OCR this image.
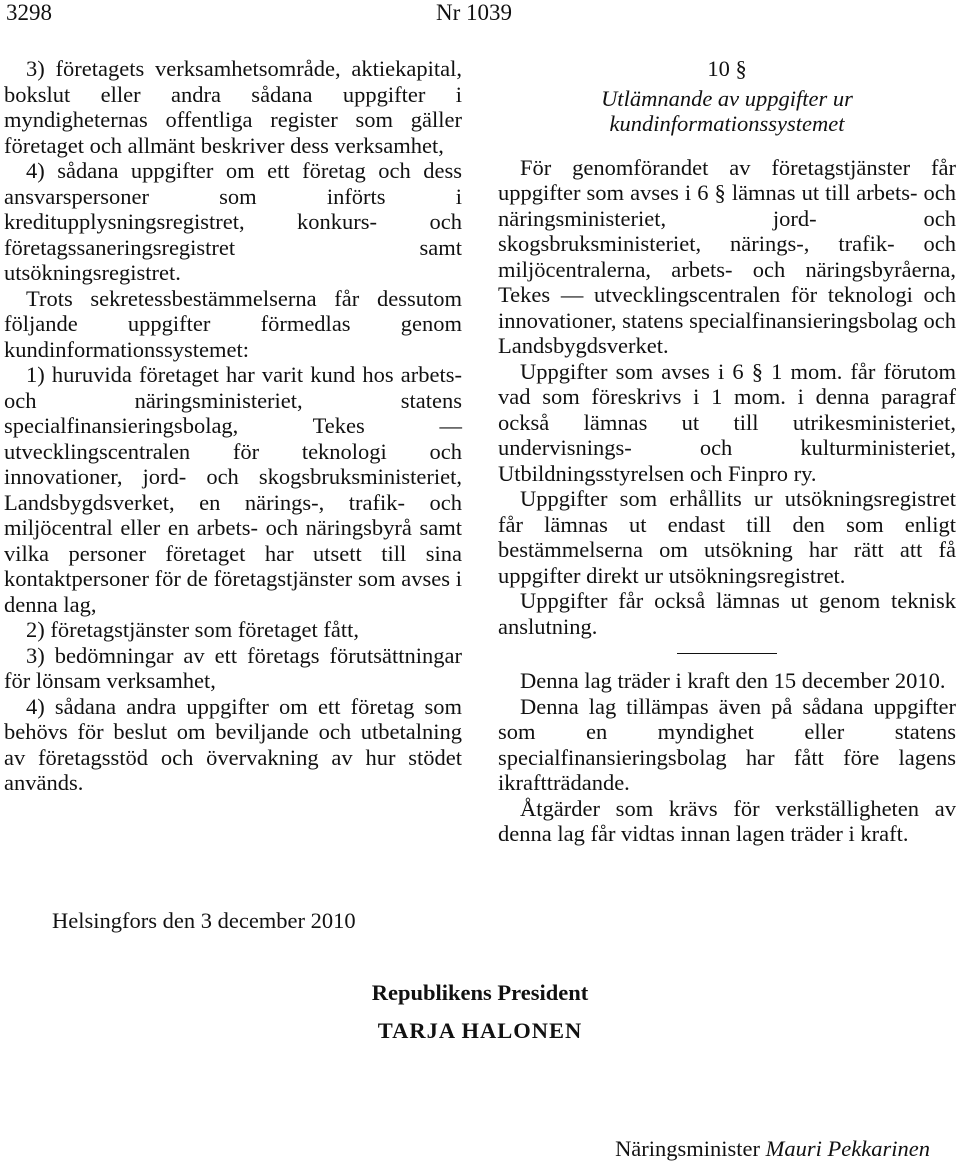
3298	Nr 1039

3) företagets verksamhetsområde, aktiekapital, bokslut eller andra sådana uppgifter i myndigheternas offentliga register som gäller företaget och allmänt beskriver dess verksamhet,

4) sådana uppgifter om ett företag och dess ansvarspersoner som införts i kreditupplysningsregistret, konkurs- och företagssaneringsregistret samt utsökningsregistret.

Trots sekretessbestämmelserna får dessutom följande uppgifter förmedlas genom kundinformationssystemet:

1) huruvida företaget har varit kund hos arbets- och näringsministeriet, statens specialfinansieringsbolag, Tekes — utvecklingscentralen för teknologi och innovationer, jord- och skogsbruksministeriet, Landsbygdsverket, en närings-, trafik- och miljöcentral eller en arbets- och näringsbyrå samt vilka personer företaget har utsett till sina kontaktpersoner för de företagstjänster som avses i denna lag,

2) företagstjänster som företaget fått,

3) bedömningar av ett företags förutsättningar för lönsam verksamhet,

4) sådana andra uppgifter om ett företag som behövs för beslut om beviljande och utbetalning av företagsstöd och övervakning av hur stödet används.

10 §

Utlämnande av uppgifter ur kundinformationssystemet

För genomförandet av företagstjänster får uppgifter som avses i 6 § lämnas ut till arbets- och näringsministeriet, jord- och skogsbruksministeriet, närings-, trafik- och miljöcentralerna, arbets- och näringsbyråerna, Tekes — utvecklingscentralen för teknologi och innovationer, statens specialfinansieringsbolag och Landsbygdsverket.

Uppgifter som avses i 6 § 1 mom. får förutom vad som föreskrivs i 1 mom. i denna paragraf också lämnas ut till utrikesministeriet, undervisnings- och kulturministeriet, Utbildningsstyrelsen och Finpro ry.

Uppgifter som erhållits ur utsökningsregistret får lämnas ut endast till den som enligt bestämmelserna om utsökning har rätt att få uppgifter direkt ur utsökningsregistret.

Uppgifter får också lämnas ut genom teknisk anslutning.

Denna lag träder i kraft den 15 december 2010.

Denna lag tillämpas även på sådana uppgifter som en myndighet eller statens specialfinansieringsbolag har fått före lagens ikraftträdande.

Åtgärder som krävs för verkställigheten av denna lag får vidtas innan lagen träder i kraft.

Helsingfors den 3 december 2010
Republikens President
TARJA HALONEN
Näringsminister Mauri Pekkarinen
